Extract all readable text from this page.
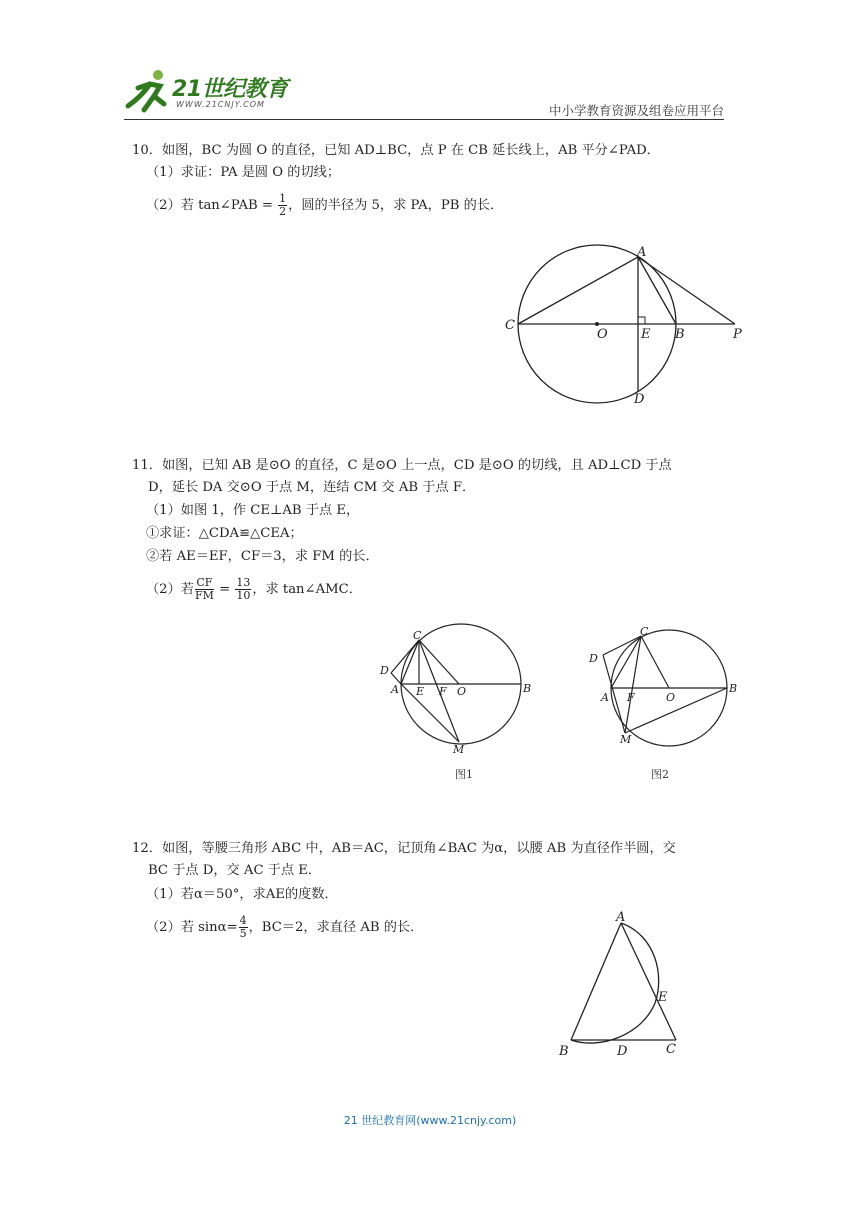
21世纪教育
WWW.21CNJY.COM	中小学教育资源及组卷应用平台
10．如图，BC 为圆 O 的直径，已知 AD⊥BC，点 P 在 CB 延长线上，AB 平分∠PAD．
（1）求证：PA 是圆 O 的切线；
（2）若 tan∠PAB = $\frac{1}{2}$ ，圆的半径为 5，求 PA，PB 的长．
A
C
O	E B	P
D
11．如图，已知 AB 是⊙O 的直径，C 是⊙O 上一点，CD 是⊙O 的切线，且 AD⊥CD 于点
D，延长 DA 交⊙O 于点 M，连结 CM 交 AB 于点 F．
（1）如图 1，作 CE⊥AB 于点 E，
①求证：△CDA≌△CEA；
②若 AE＝EF，CF＝3，求 FM 的长．
（2）若 $\frac{CF}{FM} = \frac{13}{10}$ ，求 tan∠AMC．
C
D
A E F O	B
M
图1
C
D
A F	O
B
M
图2
12．如图，等腰三角形 ABC 中，AB＝AC，记顶角∠BAC 为α，以腰 AB 为直径作半圆，交
BC 于点 D，交 AC 于点 E．
（1）若α＝50°，求AE的度数．
（2）若 $\sin\alpha= \frac{4}{5}$ ，BC＝2，求直径 AB 的长．
A
E
B	D	C
21 世纪教育网(www.21cnjy.com)
